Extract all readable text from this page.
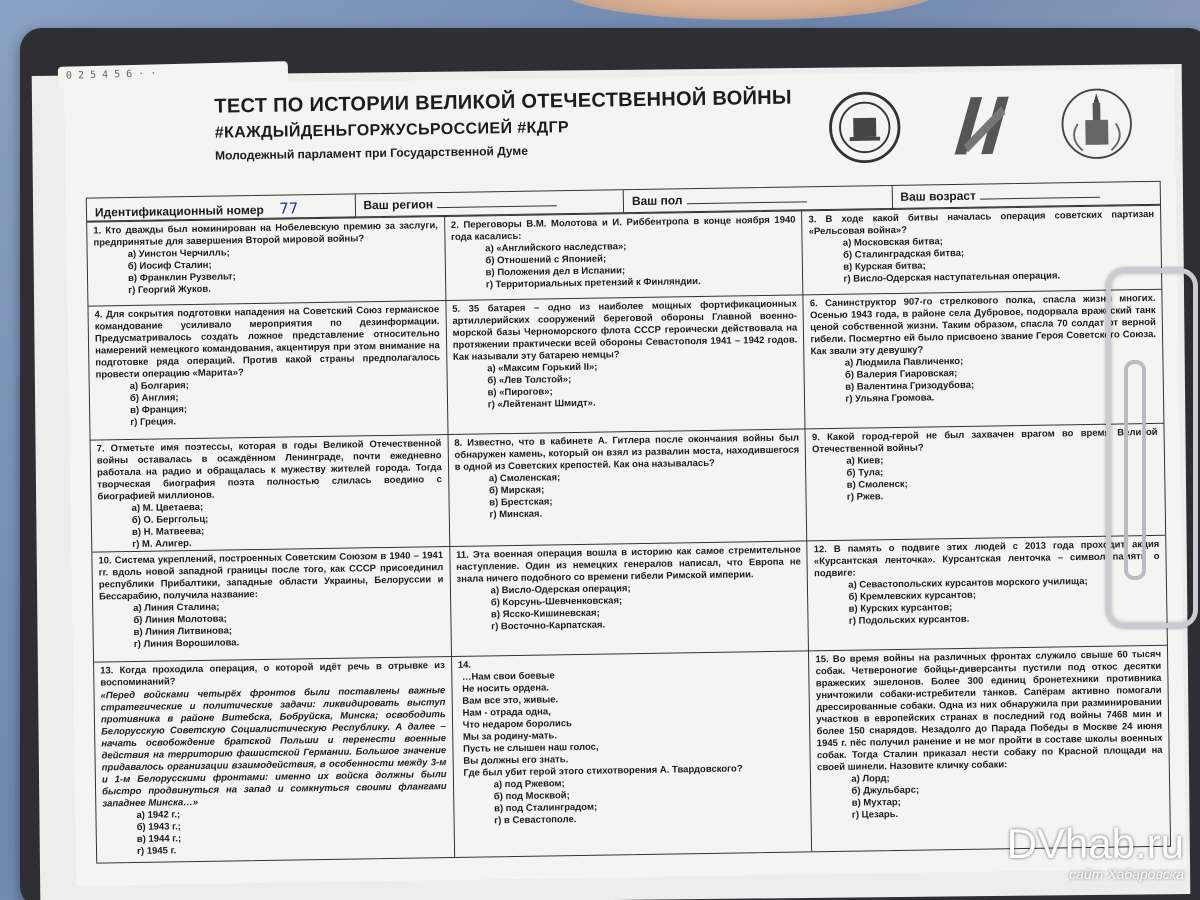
0 2 5 4 5 6 · ·
ТЕСТ ПО ИСТОРИИ ВЕЛИКОЙ ОТЕЧЕСТВЕННОЙ ВОЙНЫ
#КАЖДЫЙДЕНЬГОРЖУСЬРОССИЕЙ #КДГР
Молодежный парламент при Государственной Думе
Идентификационный номер 77	Ваш регион	Ваш пол	Ваш возраст
1. Кто дважды был номинирован на Нобелевскую премию за заслуги, предпринятые для завершения Второй мировой войны?
а) Уинстон Черчилль;
б) Иосиф Сталин;
в) Франклин Рузвельт;
г) Георгий Жуков.
2. Переговоры В.М. Молотова и И. Риббентропа в конце ноября 1940 года касались:
а) «Английского наследства»;
б) Отношений с Японией;
в) Положения дел в Испании;
г) Территориальных претензий к Финляндии.
3. В ходе какой битвы началась операция советских партизан «Рельсовая война»?
а) Московская битва;
б) Сталинградская битва;
в) Курская битва;
г) Висло-Одерская наступательная операция.
4. Для сокрытия подготовки нападения на Советский Союз германское командование усиливало мероприятия по дезинформации. Предусматривалось создать ложное представление относительно намерений немецкого командования, акцентируя при этом внимание на подготовке ряда операций. Против какой страны предполагалось провести операцию «Марита»?
а) Болгария;
б) Англия;
в) Франция;
г) Греция.
5. 35 батарея – одно из наиболее мощных фортификационных артиллерийских сооружений береговой обороны Главной военно-морской базы Черноморского флота СССР героически действовала на протяжении практически всей обороны Севастополя 1941 – 1942 годов. Как называли эту батарею немцы?
а) «Максим Горький II»;
б) «Лев Толстой»;
в) «Пирогов»;
г) «Лейтенант Шмидт».
6. Санинструктор 907-го стрелкового полка, спасла жизни многих. Осенью 1943 года, в районе села Дубровое, подорвала вражеский танк ценой собственной жизни. Таким образом, спасла 70 солдат от верной гибели. Посмертно ей было присвоено звание Героя Советского Союза. Как звали эту девушку?
а) Людмила Павличенко;
б) Валерия Гиаровская;
в) Валентина Гризодубова;
г) Ульяна Громова.
7. Отметьте имя поэтессы, которая в годы Великой Отечественной войны оставалась в осаждённом Ленинграде, почти ежедневно работала на радио и обращалась к мужеству жителей города. Тогда творческая биография поэта полностью слилась воедино с биографией миллионов.
а) М. Цветаева;
б) О. Берггольц;
в) Н. Матвеева;
г) М. Алигер.
8. Известно, что в кабинете А. Гитлера после окончания войны был обнаружен камень, который он взял из развалин моста, находившегося в одной из Советских крепостей. Как она называлась?
а) Смоленская;
б) Мирская;
в) Брестская;
г) Минская.
9. Какой город-герой не был захвачен врагом во время Великой Отечественной войны?
а) Киев;
б) Тула;
в) Смоленск;
г) Ржев.
10. Система укреплений, построенных Советским Союзом в 1940 – 1941 гг. вдоль новой западной границы после того, как СССР присоединил республики Прибалтики, западные области Украины, Белоруссии и Бессарабию, получила название:
а) Линия Сталина;
б) Линия Молотова;
в) Линия Литвинова;
г) Линия Ворошилова.
11. Эта военная операция вошла в историю как самое стремительное наступление. Один из немецких генералов написал, что Европа не знала ничего подобного со времени гибели Римской империи.
а) Висло-Одерская операция;
б) Корсунь-Шевченковская;
в) Ясско-Кишиневская;
г) Восточно-Карпатская.
12. В память о подвиге этих людей с 2013 года проходит акция «Курсантская ленточка». Курсантская ленточка – символ памяти о подвиге:
а) Севастопольских курсантов морского училища;
б) Кремлевских курсантов;
в) Курских курсантов;
г) Подольских курсантов.
13. Когда проходила операция, о которой идёт речь в отрывке из воспоминаний?
«Перед войсками четырёх фронтов были поставлены важные стратегические и политические задачи: ликвидировать выступ противника в районе Витебска, Бобруйска, Минска; освободить Белорусскую Советскую Социалистическую Республику. А далее – начать освобождение братской Польши и перенести военные действия на территорию фашистской Германии. Большое значение придавалось организации взаимодействия, в особенности между 3-м и 1-м Белорусскими фронтами: именно их войска должны были быстро продвинуться на запад и сомкнуться своими флангами западнее Минска…»
а) 1942 г.;
б) 1943 г.;
в) 1944 г.;
г) 1945 г.
14.
…Нам свои боевые
Не носить ордена.
Вам все это, живые.
Нам - отрада одна,
Что недаром боролись
Мы за родину-мать.
Пусть не слышен наш голос,
Вы должны его знать.
Где был убит герой этого стихотворения А. Твардовского?
а) под Ржевом;
б) под Москвой;
в) под Сталинградом;
г) в Севастополе.
15. Во время войны на различных фронтах служило свыше 60 тысяч собак. Четвероногие бойцы-диверсанты пустили под откос десятки вражеских эшелонов. Более 300 единиц бронетехники противника уничтожили собаки-истребители танков. Сапёрам активно помогали дрессированные собаки. Одна из них обнаружила при разминировании участков в европейских странах в последний год войны 7468 мин и более 150 снарядов. Незадолго до Парада Победы в Москве 24 июня 1945 г. пёс получил ранение и не мог пройти в составе школы военных собак. Тогда Сталин приказал нести собаку по Красной площади на своей шинели. Назовите кличку собаки:
а) Лорд;
б) Джульбарс;
в) Мухтар;
г) Цезарь.
DVhab.ru
сайт Хабаровска
